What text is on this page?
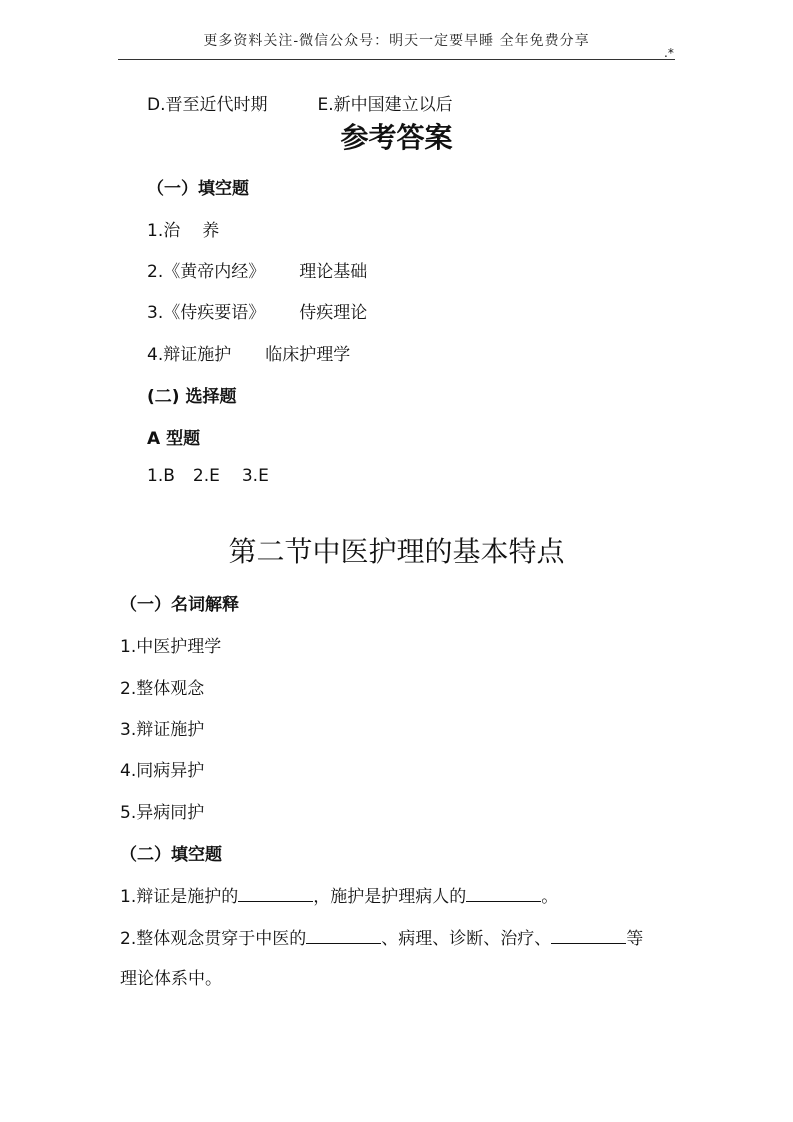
更多资料关注-微信公众号：明天一定要早睡 全年免费分享
.*
D.晋至近代时期	E.新中国建立以后
参考答案
（一）填空题
1.治 养
2.《黄帝内经》 理论基础
3.《侍疾要语》 侍疾理论
4.辩证施护 临床护理学
(二) 选择题
A 型题
1.B 2.E 3.E
第二节中医护理的基本特点
（一）名词解释
1.中医护理学
2.整体观念
3.辩证施护
4.同病异护
5.异病同护
（二）填空题
1.辩证是施护的	，施护是护理病人的	。
2.整体观念贯穿于中医的	、病理、诊断、治疗、	等
理论体系中。
